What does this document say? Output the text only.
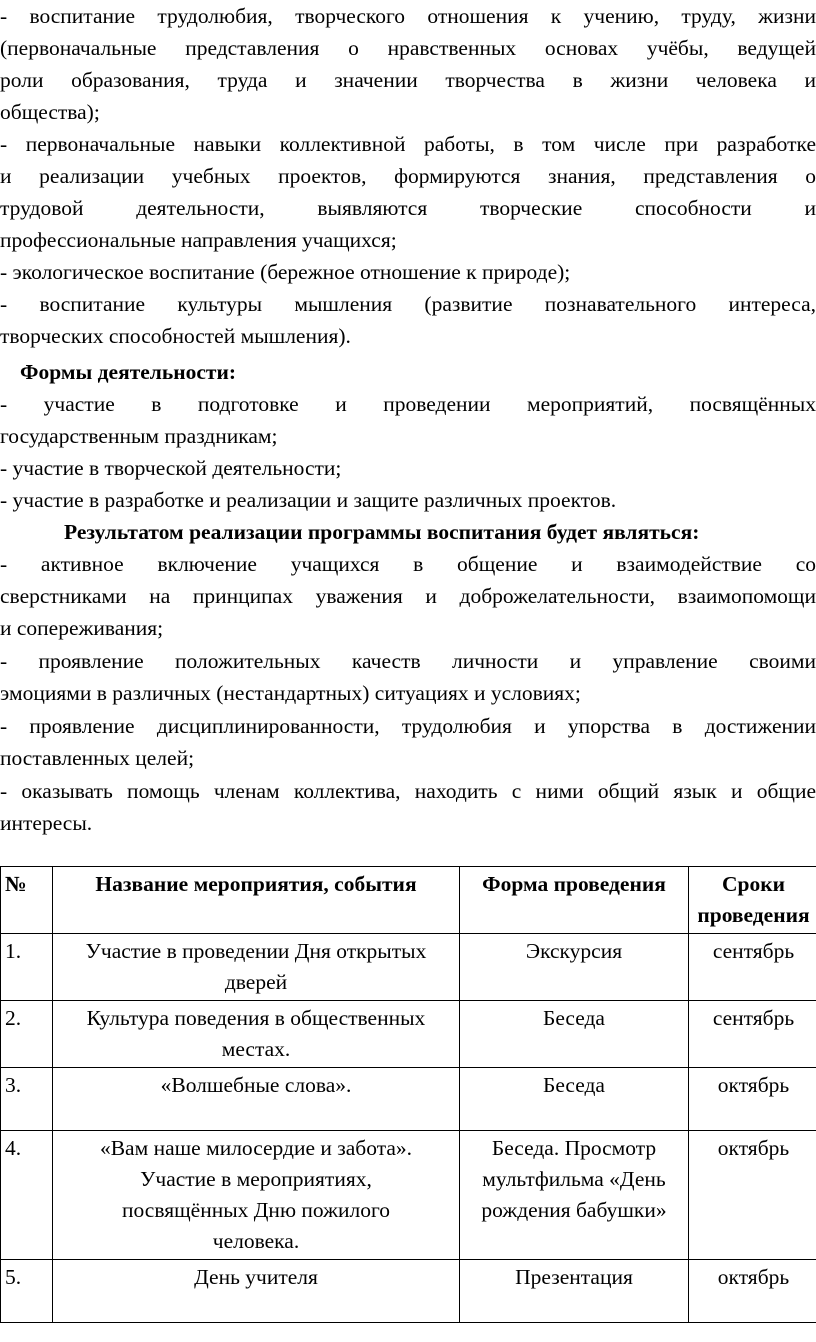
- воспитание трудолюбия, творческого отношения к учению, труду, жизни

(первоначальные представления о нравственных основах учёбы, ведущей

роли образования, труда и значении творчества в жизни человека и

общества);

- первоначальные навыки коллективной работы, в том числе при разработке

и реализации учебных проектов, формируются знания, представления о

трудовой деятельности, выявляются творческие способности и

профессиональные направления учащихся;

- экологическое воспитание (бережное отношение к природе);

- воспитание культуры мышления (развитие познавательного интереса,

творческих способностей мышления).

Формы деятельности:

- участие в подготовке и проведении мероприятий, посвящённых

государственным праздникам;

- участие в творческой деятельности;

- участие в разработке и реализации и защите различных проектов.

Результатом реализации программы воспитания будет являться:

- активное включение учащихся в общение и взаимодействие со

сверстниками на принципах уважения и доброжелательности, взаимопомощи

и сопереживания;

- проявление положительных качеств личности и управление своими

эмоциями в различных (нестандартных) ситуациях и условиях;

- проявление дисциплинированности, трудолюбия и упорства в достижении

поставленных целей;

- оказывать помощь членам коллектива, находить с ними общий язык и общие

интересы.

№	Название мероприятия, события	Форма проведения	Сроки
проведения
1.	Участие в проведении Дня открытых
дверей	Экскурсия	сентябрь
2.	Культура поведения в общественных
местах.	Беседа	сентябрь
3.	«Волшебные слова».	Беседа	октябрь
4.	«Вам наше милосердие и забота».
Участие в мероприятиях,
посвящённых Дню пожилого
человека.	Беседа. Просмотр
мультфильма «День
рождения бабушки»	октябрь
5.	День учителя	Презентация	октябрь
